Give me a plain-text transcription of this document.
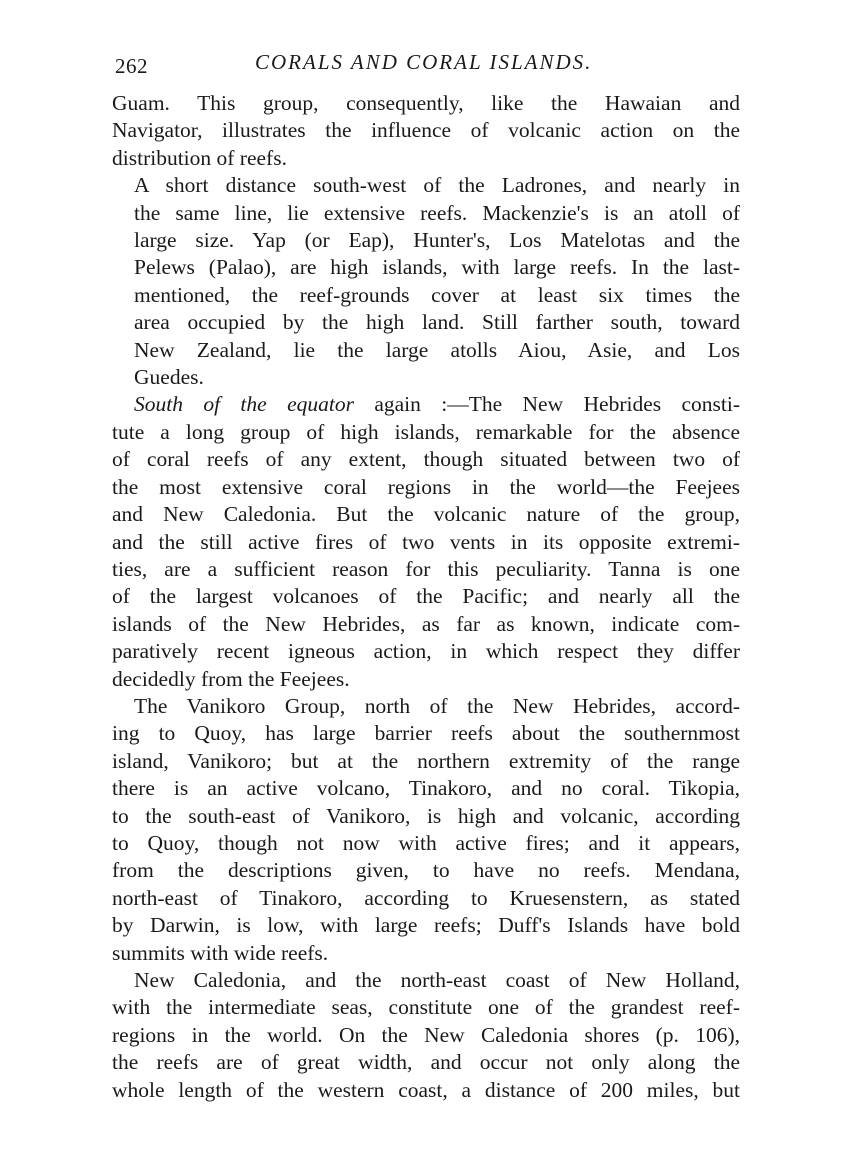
262	CORALS AND CORAL ISLANDS.

Guam. This group, consequently, like the Hawaian and
Navigator, illustrates the influence of volcanic action on the
distribution of reefs.

A short distance south-west of the Ladrones, and nearly in
the same line, lie extensive reefs. Mackenzie's is an atoll of
large size. Yap (or Eap), Hunter's, Los Matelotas and the
Pelews (Palao), are high islands, with large reefs. In the last-
mentioned, the reef-grounds cover at least six times the
area occupied by the high land. Still farther south, toward
New Zealand, lie the large atolls Aiou, Asie, and Los
Guedes.

South of the equator again :—The New Hebrides consti-
tute a long group of high islands, remarkable for the absence
of coral reefs of any extent, though situated between two of
the most extensive coral regions in the world—the Feejees
and New Caledonia. But the volcanic nature of the group,
and the still active fires of two vents in its opposite extremi-
ties, are a sufficient reason for this peculiarity. Tanna is one
of the largest volcanoes of the Pacific; and nearly all the
islands of the New Hebrides, as far as known, indicate com-
paratively recent igneous action, in which respect they differ
decidedly from the Feejees.

The Vanikoro Group, north of the New Hebrides, accord-
ing to Quoy, has large barrier reefs about the southernmost
island, Vanikoro; but at the northern extremity of the range
there is an active volcano, Tinakoro, and no coral. Tikopia,
to the south-east of Vanikoro, is high and volcanic, according
to Quoy, though not now with active fires; and it appears,
from the descriptions given, to have no reefs. Mendana,
north-east of Tinakoro, according to Kruesenstern, as stated
by Darwin, is low, with large reefs; Duff's Islands have bold
summits with wide reefs.

New Caledonia, and the north-east coast of New Holland,
with the intermediate seas, constitute one of the grandest reef-
regions in the world. On the New Caledonia shores (p. 106),
the reefs are of great width, and occur not only along the
whole length of the western coast, a distance of 200 miles, but
